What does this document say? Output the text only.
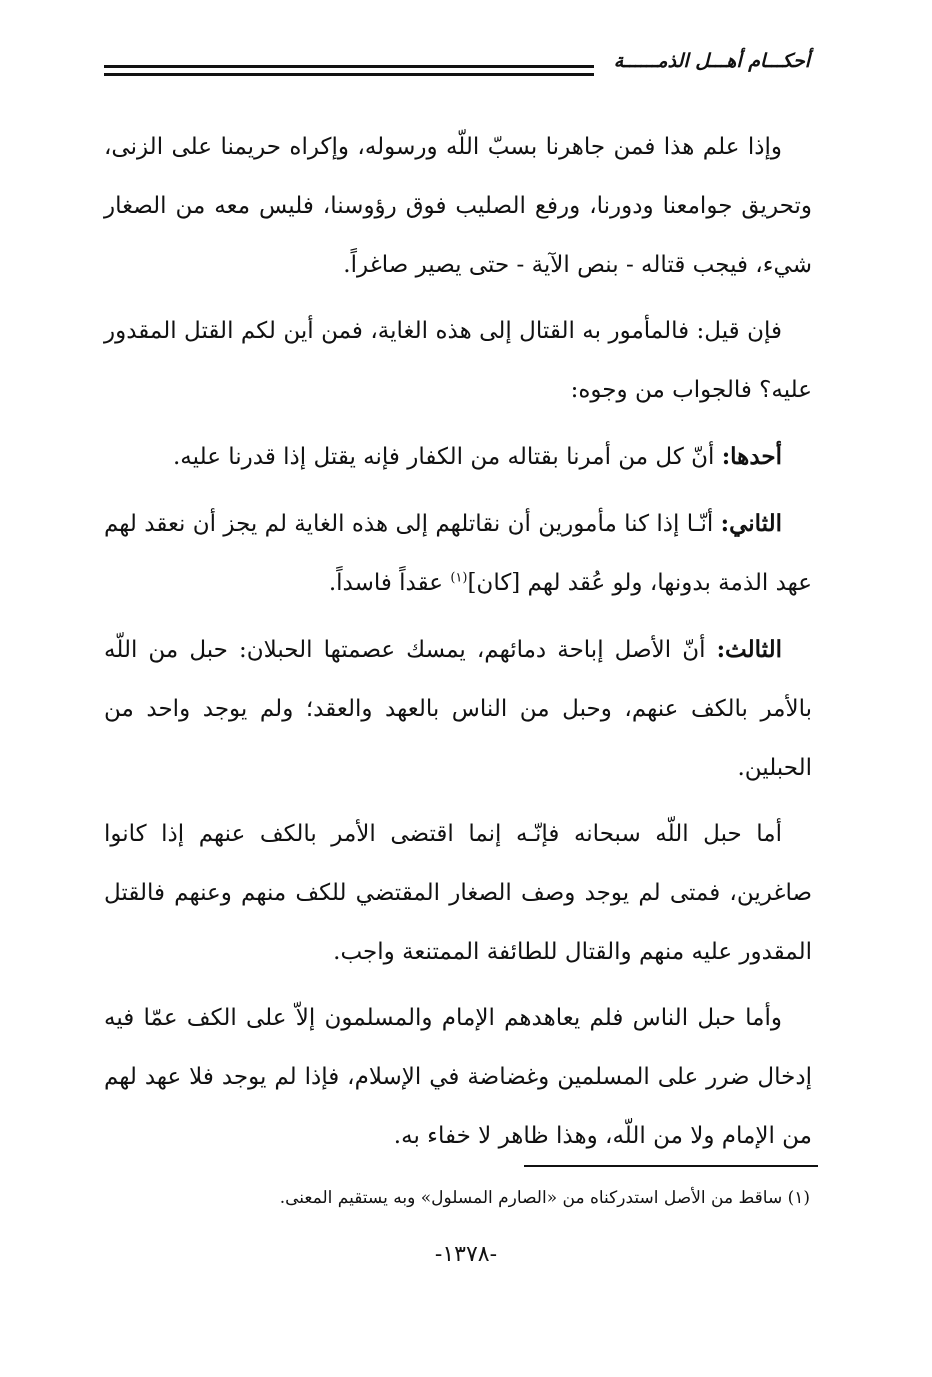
أحكـــام أهـــل الذمــــــة

وإذا علم هذا فمن جاهرنا بسبّ اللّه ورسوله، وإكراه حريمنا على الزنى، وتحريق جوامعنا ودورنا، ورفع الصليب فوق رؤوسنا، فليس معه من الصغار شيء، فيجب قتاله - بنص الآية - حتى يصير صاغراً.

فإن قيل: فالمأمور به القتال إلى هذه الغاية، فمن أين لكم القتل المقدور عليه؟ فالجواب من وجوه:

أحدها: أنّ كل من أمرنا بقتاله من الكفار فإنه يقتل إذا قدرنا عليه.

الثاني: أنّـا إذا كنا مأمورين أن نقاتلهم إلى هذه الغاية لم يجز أن نعقد لهم عهد الذمة بدونها، ولو عُقد لهم [كان]$^{(١)}$ عقداً فاسداً.

الثالث: أنّ الأصل إباحة دمائهم، يمسك عصمتها الحبلان: حبل من اللّه بالأمر بالكف عنهم، وحبل من الناس بالعهد والعقد؛ ولم يوجد واحد من الحبلين.

أما حبل اللّه سبحانه فإنّـه إنما اقتضى الأمر بالكف عنهم إذا كانوا صاغرين، فمتى لم يوجد وصف الصغار المقتضي للكف منهم وعنهم فالقتل المقدور عليه منهم والقتال للطائفة الممتنعة واجب.

وأما حبل الناس فلم يعاهدهم الإمام والمسلمون إلاّ على الكف عمّا فيه إدخال ضرر على المسلمين وغضاضة في الإسلام، فإذا لم يوجد فلا عهد لهم من الإمام ولا من اللّه، وهذا ظاهر لا خفاء به.

(١) ساقط من الأصل استدركناه من «الصارم المسلول» وبه يستقيم المعنى.
-١٣٧٨-
